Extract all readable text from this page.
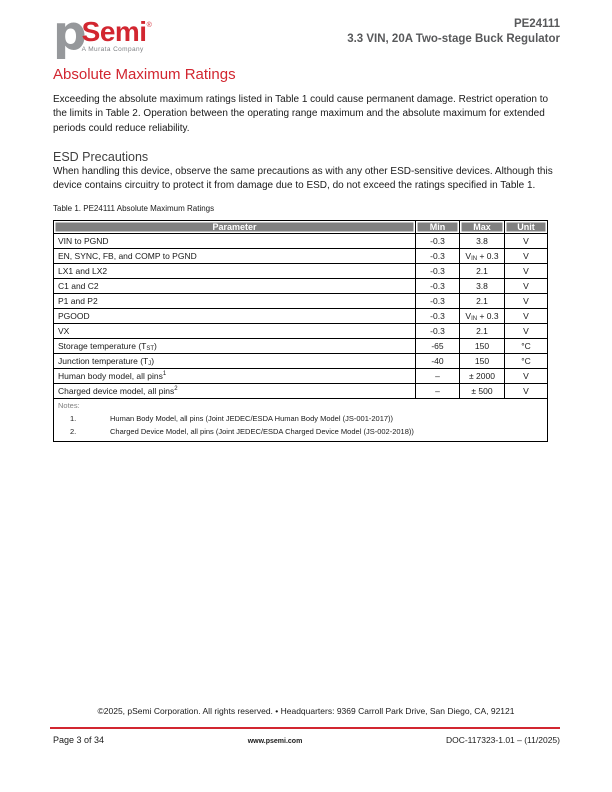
p
Semi®
A Murata Company
PE24111
3.3 VIN, 20A Two-stage Buck Regulator
Absolute Maximum Ratings

Exceeding the absolute maximum ratings listed in Table 1 could cause permanent damage. Restrict operation to the limits in Table 2. Operation between the operating range maximum and the absolute maximum for extended periods could reduce reliability.

ESD Precautions

When handling this device, observe the same precautions as with any other ESD-sensitive devices. Although this device contains circuitry to protect it from damage due to ESD, do not exceed the ratings specified in Table 1.

Table 1. PE24111 Absolute Maximum Ratings
Parameter	Min	Max	Unit
VIN to PGND	-0.3	3.8	V
EN, SYNC, FB, and COMP to PGND	-0.3	$V_{IN} + 0.3$	V
LX1 and LX2	-0.3	2.1	V
C1 and C2	-0.3	3.8	V
P1 and P2	-0.3	2.1	V
PGOOD	-0.3	$V_{IN} + 0.3$	V
VX	-0.3	2.1	V
Storage temperature $(T_{ST})$	-65	150	°C
Junction temperature $(T_J)$	-40	150	°C
Human body model, all pins$^1$	–	± 2000	V
Charged device model, all pins$^2$	–	± 500	V

Notes:
1. Human Body Model, all pins (Joint JEDEC/ESDA Human Body Model (JS-001-2017))
2. Charged Device Model, all pins (Joint JEDEC/ESDA Charged Device Model (JS-002-2018))			
©2025, pSemi Corporation. All rights reserved. • Headquarters: 9369 Carroll Park Drive, San Diego, CA, 92121
Page 3 of 34	www.psemi.com	DOC-117323-1.01 – (11/2025)
